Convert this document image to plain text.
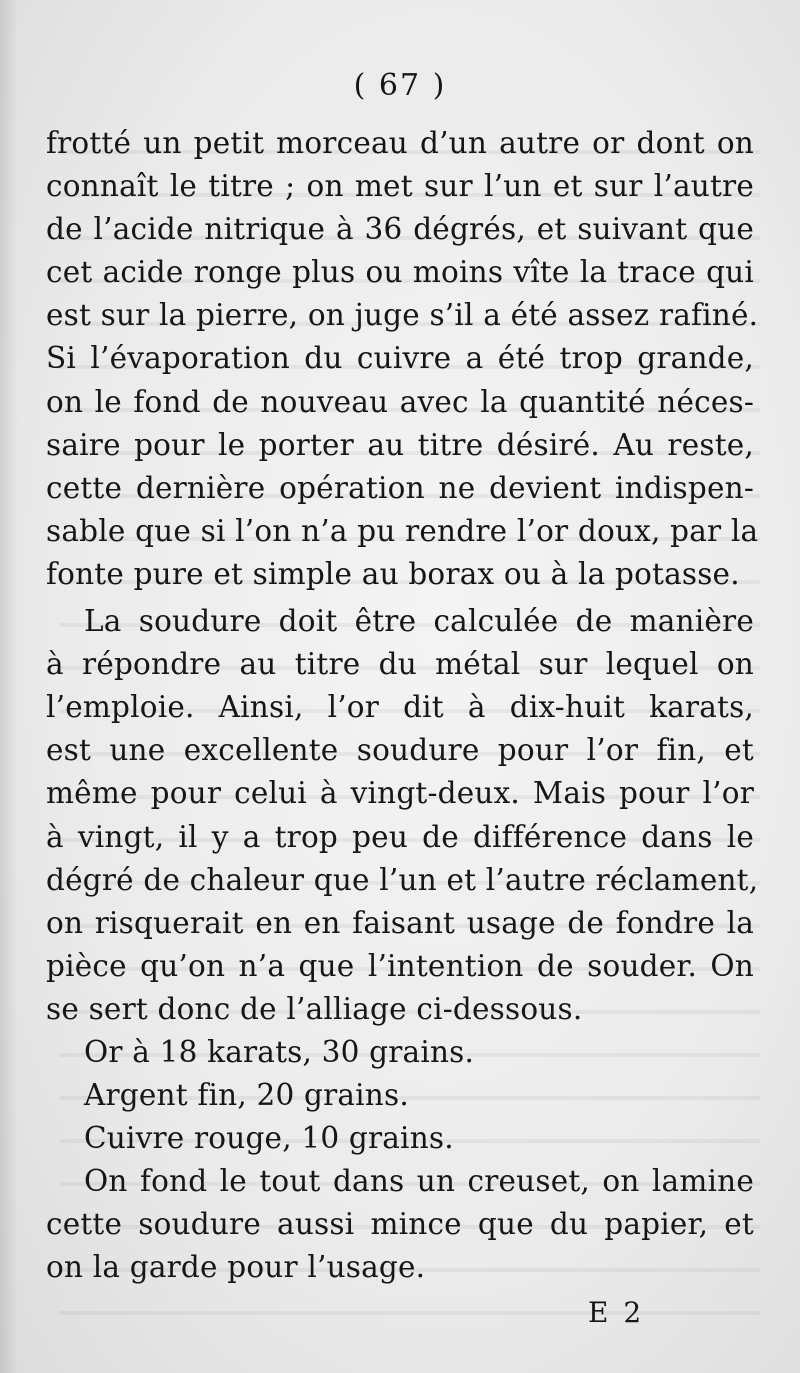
( 67 )
frotté un petit morceau d’un autre or dont on
connaît le titre ; on met sur l’un et sur l’autre
de l’acide nitrique à 36 dégrés, et suivant que
cet acide ronge plus ou moins vîte la trace qui
est sur la pierre, on juge s’il a été assez rafiné.
Si l’évaporation du cuivre a été trop grande,
on le fond de nouveau avec la quantité néces-
saire pour le porter au titre désiré. Au reste,
cette dernière opération ne devient indispen-
sable que si l’on n’a pu rendre l’or doux, par la
fonte pure et simple au borax ou à la potasse.
La soudure doit être calculée de manière
à répondre au titre du métal sur lequel on
l’emploie. Ainsi, l’or dit à dix-huit karats,
est une excellente soudure pour l’or fin, et
même pour celui à vingt-deux. Mais pour l’or
à vingt, il y a trop peu de différence dans le
dégré de chaleur que l’un et l’autre réclament,
on risquerait en en faisant usage de fondre la
pièce qu’on n’a que l’intention de souder. On
se sert donc de l’alliage ci-dessous.
Or à 18 karats, 30 grains.
Argent fin, 20 grains.
Cuivre rouge, 10 grains.
On fond le tout dans un creuset, on lamine
cette soudure aussi mince que du papier, et
on la garde pour l’usage.
E 2
